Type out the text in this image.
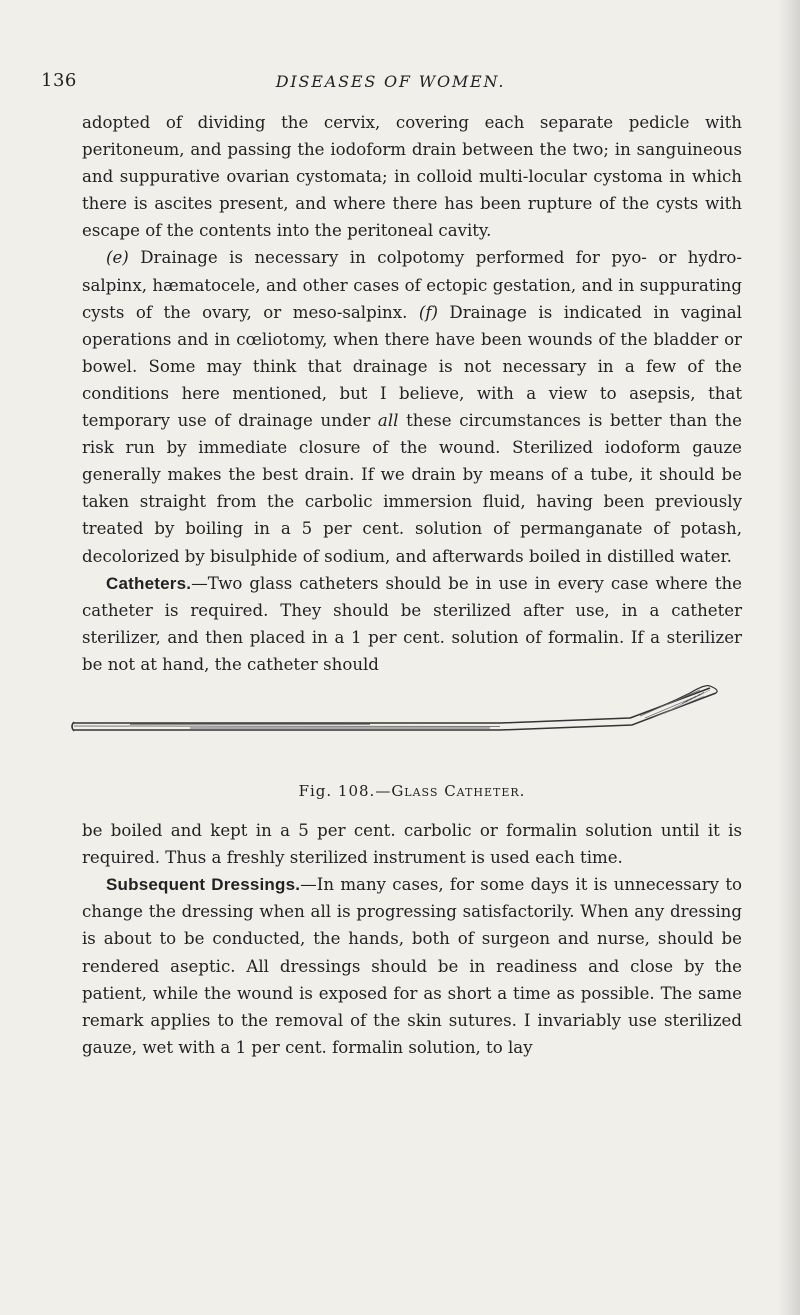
136	DISEASES OF WOMEN.

adopted of dividing the cervix, covering each separate pedicle with peritoneum, and passing the iodoform drain between the two; in sanguineous and suppurative ovarian cystomata; in colloid multi-locular cystoma in which there is ascites present, and where there has been rupture of the cysts with escape of the contents into the peritoneal cavity.

(e) Drainage is necessary in colpotomy performed for pyo- or hydro-salpinx, hæmatocele, and other cases of ectopic gestation, and in suppurating cysts of the ovary, or meso-salpinx. (f) Drainage is indicated in vaginal operations and in cœliotomy, when there have been wounds of the bladder or bowel. Some may think that drainage is not necessary in a few of the conditions here mentioned, but I believe, with a view to asepsis, that temporary use of drainage under all these circumstances is better than the risk run by immediate closure of the wound. Sterilized iodoform gauze generally makes the best drain. If we drain by means of a tube, it should be taken straight from the carbolic immersion fluid, having been previously treated by boiling in a 5 per cent. solution of permanganate of potash, decolorized by bisulphide of sodium, and afterwards boiled in distilled water.

Catheters.—Two glass catheters should be in use in every case where the catheter is required. They should be sterilized after use, in a catheter sterilizer, and then placed in a 1 per cent. solution of formalin. If a sterilizer be not at hand, the catheter should

Fig. 108.—Glass Catheter.

be boiled and kept in a 5 per cent. carbolic or formalin solution until it is required. Thus a freshly sterilized instrument is used each time.

Subsequent Dressings.—In many cases, for some days it is unnecessary to change the dressing when all is progressing satisfactorily. When any dressing is about to be conducted, the hands, both of surgeon and nurse, should be rendered aseptic. All dressings should be in readiness and close by the patient, while the wound is exposed for as short a time as possible. The same remark applies to the removal of the skin sutures. I invariably use sterilized gauze, wet with a 1 per cent. formalin solution, to lay
